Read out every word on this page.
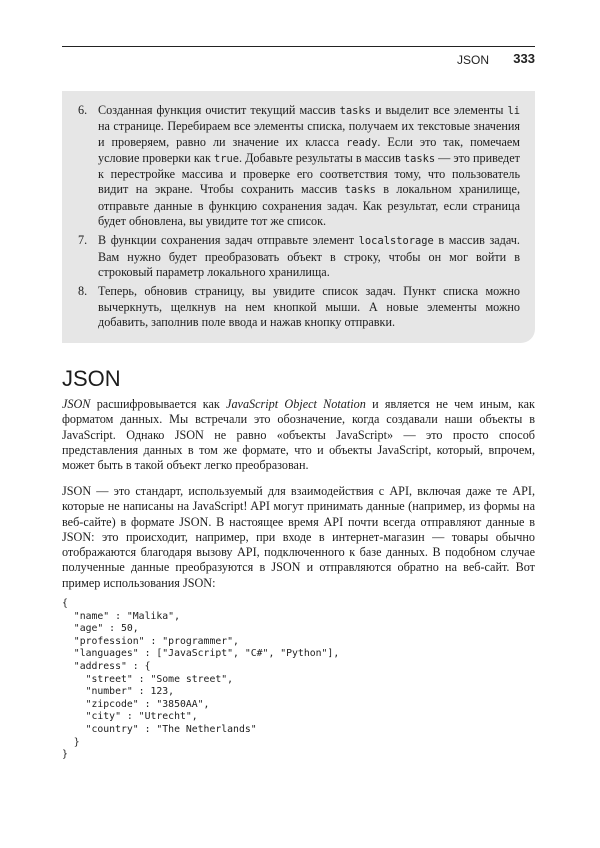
JSON 333
6. Созданная функция очистит текущий массив tasks и выделит все элементы li на странице. Перебираем все элементы списка, получаем их текстовые значения и проверяем, равно ли значение их класса ready. Если это так, помечаем условие проверки как true. Добавьте результаты в массив tasks — это приведет к перестройке массива и проверке его соответствия тому, что пользователь видит на экране. Чтобы сохранить массив tasks в локальном хранилище, отправьте данные в функцию сохранения задач. Как результат, если страница будет обновлена, вы увидите тот же список.
7. В функции сохранения задач отправьте элемент localstorage в массив задач. Вам нужно будет преобразовать объект в строку, чтобы он мог войти в строковый параметр локального хранилища.
8. Теперь, обновив страницу, вы увидите список задач. Пункт списка можно вычеркнуть, щелкнув на нем кнопкой мыши. А новые элементы можно добавить, заполнив поле ввода и нажав кнопку отправки.
JSON

JSON расшифровывается как JavaScript Object Notation и является не чем иным, как форматом данных. Мы встречали это обозначение, когда создавали наши объекты в JavaScript. Однако JSON не равно «объекты JavaScript» — это просто способ представления данных в том же формате, что и объекты JavaScript, который, впрочем, может быть в такой объект легко преобразован.

JSON — это стандарт, используемый для взаимодействия с API, включая даже те API, которые не написаны на JavaScript! API могут принимать данные (например, из формы на веб-сайте) в формате JSON. В настоящее время API почти всегда отправляют данные в JSON: это происходит, например, при входе в интернет-магазин — товары обычно отображаются благодаря вызову API, подключенного к базе данных. В подобном случае полученные данные преобразуются в JSON и отправляются обратно на веб-сайт. Вот пример использования JSON:

{
"name" : "Malika",
"age" : 50,
"profession" : "programmer",
"languages" : ["JavaScript", "C#", "Python"],
"address" : {
"street" : "Some street",
"number" : 123,
"zipcode" : "3850AA",
"city" : "Utrecht",
"country" : "The Netherlands"
}
}
